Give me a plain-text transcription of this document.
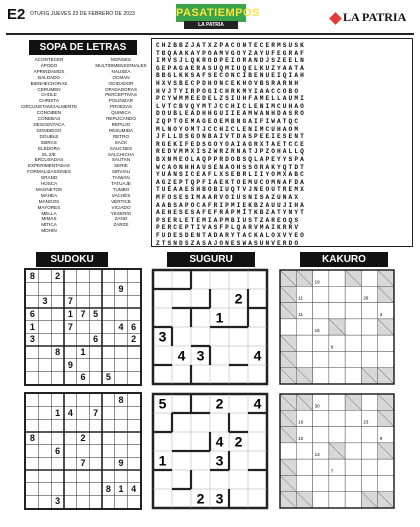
E2 OTUFIG JUEVES 23 DE FEBRERO DE 2023	PASATIEMPOS
LA PATRIA
LA PATRIA
SOPA DE LETRAS
ACONTECER
ÁPODO
APRINDAMOS
BALDADO
BIENHECHORAS
CERUMEN
CHOLE
CHRISTA
CIRCUNSTANCIALMENTE
CONOIBEN
CONEBAS
DESCENTACA
DONDIEGO
DOUBLE
EBRAS
ELEDORA
EL 2/E
ERCUSADAS
EXPERIMENTADAS
FORMALIZASIONES
GRAND
HOSCA
MAGNETOS
MAHEA
MANGOS
MAYORES
MELLA
MIMAS
MÍTICA
MOHÍN
MONSES
MULTIDIMENSIONALES
NAUSEA
OCMAN
OGIDADOR
OPADADORAS
PERCEPTIVAS
POLINIZAR
PROEZAS
QUIMICA
REPLICANDO
REPUJO
RESUMIDA
RETRO
SACK
SAUCNES
SALCHICHA
SAUTAN
SERIE
SIRVIAU
TAIWAN
TATUAJE
TUMBO
VACHÉS
VÉRTICE
VICIADO
YESERÍO
ZANO
ZARZE
CHZBBZJATXZPACONTECERMSUSK
TBQAAKAYPOAMVGOYZAYUFEGRAF
IMVSJLQKRODPEIORANDJSZEELN
GEPAGAERASUQMIUQELKUZYAATA
BBGLKKSAFSECONCIBENUEIQIAH
HXVSBECPDHONCEKHOVBSRARNH
HVJTYIRPOGICHRKMYIAACCOBO
PCYWMMEEDELZSIUHFAMELLAUMI
LVTCBVQYMTJCCHICLENIMCUHAO
DOUBLEADHHGUIIEAMWANHDASRO
ZQPTOEMAGEOEMBNGAIFIWATQC
MLNOYOMTJCCHICLENIMCUHAOM
JFLLDSGONBAIVTDASPEEIESENT
RGEKIFEDSGOYOAIAGRXTAETCCE
REDVMMXISZWRZRNATJPZOHALLQ
BXNMEOLAQPPRDOBSQLAPEYYSPA
WCAONHHAUSENAOHSSORAKYQTDT
YUÁNSICEAFLXSEBRLIIYOMXABC
AGZEPTQPFIAEKTOEMUCOMNAFDA
TUÉAAESHBOBIUQTVJNEOUTREMX
MFOSESIMAARVOIUSNISAZUNAX
AABSAPOCAFRIPMIEKBZAUUJIHA
AEHESESAFEFRÁPMÍTKBZATYNYT
PSERLETEMIAPMBIUSTZAREOQS
PERCEPTIVASFPLQARVMAIKRRV
FUDESDENTADARYTACKALOXVYEO
ZTSNDSZASAJONESWASUNVERDO
SUDOKU	SUGURU	KAKURO
8	2
9
3	7
6	1 7 5
1	7	4 6
3	6	2
8	1
9
6	5
8
1 4	7
8	2
6
7	9
8 1 4
3
2
1
3
4 3	4
5	2 4
4 2
1	3
2 3
11
19
29
3
16
11
6
16
30
23
9
13
10
7
